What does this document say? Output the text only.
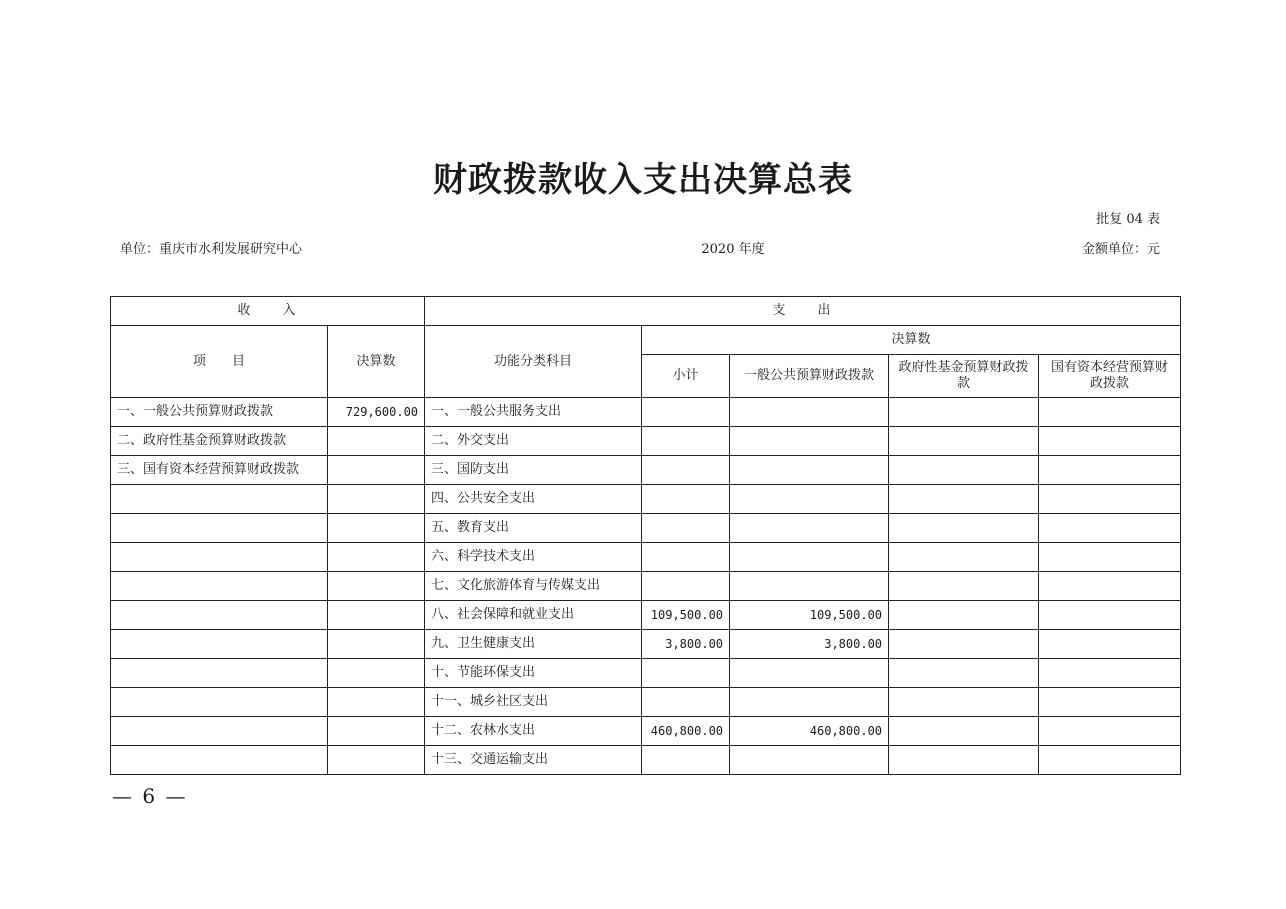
财政拨款收入支出决算总表
批复 04 表
单位：重庆市水利发展研究中心	2020 年度	金额单位：元
收　　入		支　　出				
项　　目	决算数	功能分类科目	决算数			
			小计	一般公共预算财政拨款	政府性基金预算财政拨款	国有资本经营预算财政拨款
一、一般公共预算财政拨款	729,600.00	一、一般公共服务支出				
二、政府性基金预算财政拨款		二、外交支出				
三、国有资本经营预算财政拨款		三、国防支出				
		四、公共安全支出				
		五、教育支出				
		六、科学技术支出				
		七、文化旅游体育与传媒支出				
		八、社会保障和就业支出	109,500.00	109,500.00		
		九、卫生健康支出	3,800.00	3,800.00		
		十、节能环保支出				
		十一、城乡社区支出				
		十二、农林水支出	460,800.00	460,800.00		
		十三、交通运输支出				
— 6 —
